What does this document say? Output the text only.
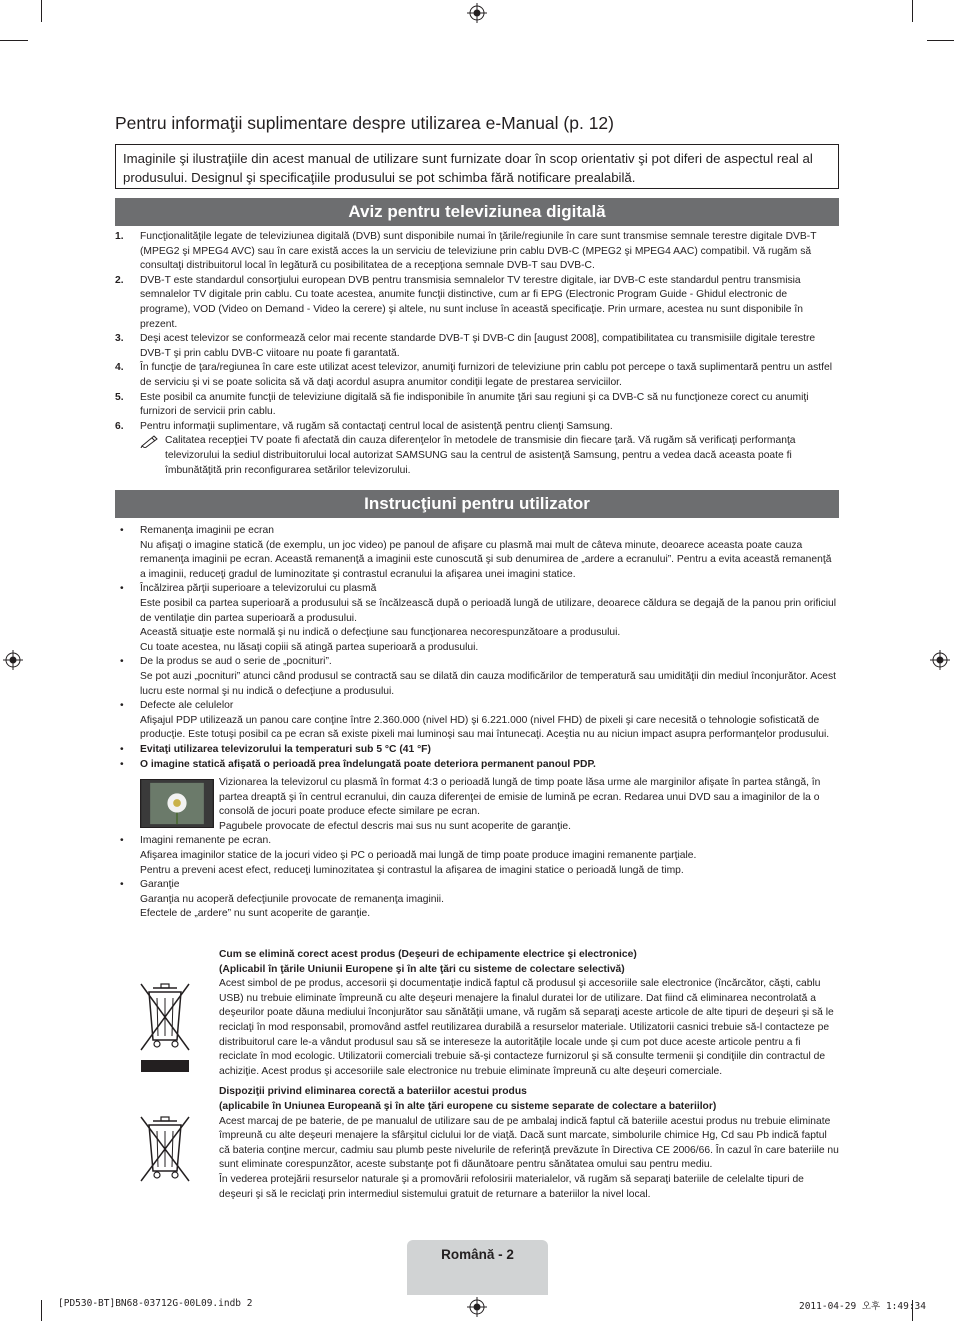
Pentru informaţii suplimentare despre utilizarea e-Manual (p. 12)
Imaginile şi ilustraţiile din acest manual de utilizare sunt furnizate doar în scop orientativ şi pot diferi de aspectul real al produsului. Designul şi specificaţiile produsului se pot schimba fără notificare prealabilă.
Aviz pentru televiziunea digitală
1. Funcţionalităţile legate de televiziunea digitală (DVB) sunt disponibile numai în ţările/regiunile în care sunt transmise semnale terestre digitale DVB-T (MPEG2 şi MPEG4 AVC) sau în care există acces la un serviciu de televiziune prin cablu DVB-C (MPEG2 şi MPEG4 AAC) compatibil. Vă rugăm să consultaţi distribuitorul local în legătură cu posibilitatea de a recepţiona semnale DVB-T sau DVB-C.
2. DVB-T este standardul consorţiului european DVB pentru transmisia semnalelor TV terestre digitale, iar DVB-C este standardul pentru transmisia semnalelor TV digitale prin cablu. Cu toate acestea, anumite funcţii distinctive, cum ar fi EPG (Electronic Program Guide - Ghidul electronic de programe), VOD (Video on Demand - Video la cerere) şi altele, nu sunt incluse în această specificaţie. Prin urmare, acestea nu sunt disponibile în prezent.
3. Deşi acest televizor se conformează celor mai recente standarde DVB-T şi DVB-C din [august 2008], compatibilitatea cu transmisiile digitale terestre DVB-T şi prin cablu DVB-C viitoare nu poate fi garantată.
4. În funcţie de ţara/regiunea în care este utilizat acest televizor, anumiţi furnizori de televiziune prin cablu pot percepe o taxă suplimentară pentru un astfel de serviciu şi vi se poate solicita să vă daţi acordul asupra anumitor condiţii legate de prestarea serviciilor.
5. Este posibil ca anumite funcţii de televiziune digitală să fie indisponibile în anumite ţări sau regiuni şi ca DVB-C să nu funcţioneze corect cu anumiţi furnizori de servicii prin cablu.
6. Pentru informaţii suplimentare, vă rugăm să contactaţi centrul local de asistenţă pentru clienţi Samsung.
Calitatea recepţiei TV poate fi afectată din cauza diferenţelor în metodele de transmisie din fiecare ţară. Vă rugăm să verificaţi performanţa televizorului la sediul distribuitorului local autorizat SAMSUNG sau la centrul de asistenţă Samsung, pentru a vedea dacă aceasta poate fi îmbunătăţită prin reconfigurarea setărilor televizorului.
Instrucţiuni pentru utilizator
• Remanenţa imaginii pe ecran
Nu afişaţi o imagine statică (de exemplu, un joc video) pe panoul de afişare cu plasmă mai mult de câteva minute, deoarece aceasta poate cauza remanenţa imaginii pe ecran. Această remanenţă a imaginii este cunoscută şi sub denumirea de „ardere a ecranului”. Pentru a evita această remanenţă a imaginii, reduceţi gradul de luminozitate şi contrastul ecranului la afişarea unei imagini statice.
• Încălzirea părţii superioare a televizorului cu plasmă
Este posibil ca partea superioară a produsului să se încălzească după o perioadă lungă de utilizare, deoarece căldura se degajă de la panou prin orificiul de ventilaţie din partea superioară a produsului.
Această situaţie este normală şi nu indică o defecţiune sau funcţionarea necorespunzătoare a produsului.
Cu toate acestea, nu lăsaţi copiii să atingă partea superioară a produsului.
• De la produs se aud o serie de „pocnituri”.
Se pot auzi „pocnituri” atunci când produsul se contractă sau se dilată din cauza modificărilor de temperatură sau umidităţii din mediul înconjurător. Acest lucru este normal şi nu indică o defecţiune a produsului.
• Defecte ale celulelor
Afişajul PDP utilizează un panou care conţine între 2.360.000 (nivel HD) şi 6.221.000 (nivel FHD) de pixeli şi care necesită o tehnologie sofisticată de producţie. Este totuşi posibil ca pe ecran să existe pixeli mai luminoşi sau mai întunecaţi. Aceştia nu au niciun impact asupra performanţelor produsului.
• Evitaţi utilizarea televizorului la temperaturi sub 5 °C (41 °F)
• O imagine statică afişată o perioadă prea îndelungată poate deteriora permanent panoul PDP.
Vizionarea la televizorul cu plasmă în format 4:3 o perioadă lungă de timp poate lăsa urme ale marginilor afişate în partea stângă, în partea dreaptă şi în centrul ecranului, din cauza diferenţei de emisie de lumină pe ecran. Redarea unui DVD sau a imaginilor de la o consolă de jocuri poate produce efecte similare pe ecran.
Pagubele provocate de efectul descris mai sus nu sunt acoperite de garanţie.
• Imagini remanente pe ecran.
Afişarea imaginilor statice de la jocuri video şi PC o perioadă mai lungă de timp poate produce imagini remanente parţiale.
Pentru a preveni acest efect, reduceţi luminozitatea şi contrastul la afişarea de imagini statice o perioadă lungă de timp.
• Garanţie
Garanţia nu acoperă defecţiunile provocate de remanenţa imaginii.
Efectele de „ardere” nu sunt acoperite de garanţie.
Cum se elimină corect acest produs (Deşeuri de echipamente electrice şi electronice)
(Aplicabil în ţările Uniunii Europene şi în alte ţări cu sisteme de colectare selectivă)
Acest simbol de pe produs, accesorii şi documentaţie indică faptul că produsul şi accesoriile sale electronice (încărcător, căşti, cablu USB) nu trebuie eliminate împreună cu alte deşeuri menajere la finalul duratei lor de utilizare. Dat fiind că eliminarea necontrolată a deşeurilor poate dăuna mediului înconjurător sau sănătăţii umane, vă rugăm să separaţi aceste articole de alte tipuri de deşeuri şi să le reciclaţi în mod responsabil, promovând astfel reutilizarea durabilă a resurselor materiale. Utilizatorii casnici trebuie să-l contacteze pe distribuitorul care le-a vândut produsul sau să se intereseze la autorităţile locale unde şi cum pot duce aceste articole pentru a fi reciclate în mod ecologic. Utilizatorii comerciali trebuie să-şi contacteze furnizorul şi să consulte termenii şi condiţiile din contractul de achiziţie. Acest produs şi accesoriile sale electronice nu trebuie eliminate împreună cu alte deşeuri comerciale.
Dispoziţii privind eliminarea corectă a bateriilor acestui produs
(aplicabile în Uniunea Europeană şi în alte ţări europene cu sisteme separate de colectare a bateriilor)
Acest marcaj de pe baterie, de pe manualul de utilizare sau de pe ambalaj indică faptul că bateriile acestui produs nu trebuie eliminate împreună cu alte deşeuri menajere la sfârşitul ciclului lor de viaţă. Dacă sunt marcate, simbolurile chimice Hg, Cd sau Pb indică faptul că bateria conţine mercur, cadmiu sau plumb peste nivelurile de referinţă prevăzute în Directiva CE 2006/66. În cazul în care bateriile nu sunt eliminate corespunzător, aceste substanţe pot fi dăunătoare pentru sănătatea omului sau pentru mediu.
În vederea protejării resurselor naturale şi a promovării refolosirii materialelor, vă rugăm să separaţi bateriile de celelalte tipuri de deşeuri şi să le reciclaţi prin intermediul sistemului gratuit de returnare a bateriilor la nivel local.
Română - 2
[PD530-BT]BN68-03712G-00L09.indb 2	2011-04-29 오후 1:49:34
